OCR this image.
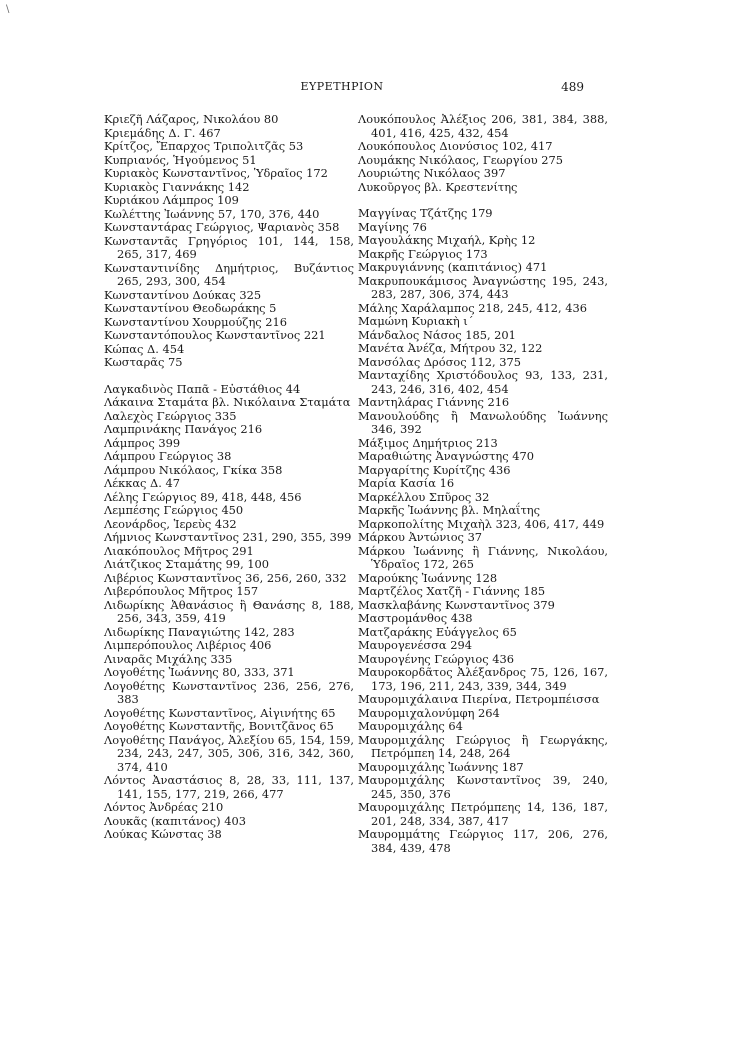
\
ΕΥΡΕΤΗΡΙΟΝ	489
Κριεζῆ Λάζαρος, Νικολάου 80
Κριεμάδης Δ. Γ. 467
Κρίτζος, Ἔπαρχος Τριπολιτζᾶς 53
Κυπριανός, Ἡγούμενος 51
Κυριακὸς Κωνσταντῖνος, Ὑδραῖος 172
Κυριακὸς Γιαννάκης 142
Κυριάκου Λάμπρος 109
Κωλέττης Ἰωάννης 57, 170, 376, 440
Κωνσταντάρας Γεώργιος, Ψαριανὸς 358
Κωνσταντᾶς Γρηγόριος 101, 144, 158, 265, 317, 469
Κωνσταντινίδης Δημήτριος, Βυζάντιος 265, 293, 300, 454
Κωνσταντίνου Δούκας 325
Κωνσταντίνου Θεοδωράκης 5
Κωνσταντίνου Χουρμούζης 216
Κωνσταντόπουλος Κωνσταντῖνος 221
Κώπας Δ. 454
Κωσταρᾶς 75
Λαγκαδινὸς Παπᾶ - Εὐστάθιος 44
Λάκαινα Σταμάτα βλ. Νικόλαινα Σταμάτα
Λαλεχὸς Γεώργιος 335
Λαμπρινάκης Πανάγος 216
Λάμπρος 399
Λάμπρου Γεώργιος 38
Λάμπρου Νικόλαος, Γκίκα 358
Λέκκας Δ. 47
Λέλης Γεώργιος 89, 418, 448, 456
Λεμπέσης Γεώργιος 450
Λεονάρδος, Ἱερεὺς 432
Λήμνιος Κωνσταντῖνος 231, 290, 355, 399
Λιακόπουλος Μῆτρος 291
Λιάτζικος Σταμάτης 99, 100
Λιβέριος Κωνσταντῖνος 36, 256, 260, 332
Λιβερόπουλος Μῆτρος 157
Λιδωρίκης Ἀθανάσιος ἢ Θανάσης 8, 188, 256, 343, 359, 419
Λιδωρίκης Παναγιώτης 142, 283
Λιμπερόπουλος Λιβέριος 406
Λιναρᾶς Μιχάλης 335
Λογοθέτης Ἰωάννης 80, 333, 371
Λογοθέτης Κωνσταντῖνος 236, 256, 276, 383
Λογοθέτης Κωνσταντῖνος, Αἰγινήτης 65
Λογοθέτης Κωνσταντῆς, Βονιτζᾶνος 65
Λογοθέτης Πανάγος, Ἀλεξίου 65, 154, 159, 234, 243, 247, 305, 306, 316, 342, 360, 374, 410
Λόντος Ἀναστάσιος 8, 28, 33, 111, 137, 141, 155, 177, 219, 266, 477
Λόντος Ἀνδρέας 210
Λουκᾶς (καπιτάνος) 403
Λούκας Κώνστας 38
Λουκόπουλος Ἀλέξιος 206, 381, 384, 388, 401, 416, 425, 432, 454
Λουκόπουλος Διονύσιος 102, 417
Λουμάκης Νικόλαος, Γεωργίου 275
Λουριώτης Νικόλαος 397
Λυκοῦργος βλ. Κρεστενίτης
Μαγγίνας Τζάτζης 179
Μαγίνης 76
Μαγουλάκης Μιχαήλ, Κρὴς 12
Μακρῆς Γεώργιος 173
Μακρυγιάννης (καπιτάνιος) 471
Μακρυπουκάμισος Ἀναγνώστης 195, 243, 283, 287, 306, 374, 443
Μάλης Χαράλαμπος 218, 245, 412, 436
Μαμώνη Κυριακὴ ι´
Μάνδαλος Νάσος 185, 201
Μανέτα Ἀνέζα, Μήτρου 32, 122
Μανσόλας Δρόσος 112, 375
Μανταχίδης Χριστόδουλος 93, 133, 231, 243, 246, 316, 402, 454
Μαντηλάρας Γιάννης 216
Μανουλούδης ἢ Μανωλούδης Ἰωάννης 346, 392
Μάξιμος Δημήτριος 213
Μαραθιώτης Ἀναγνώστης 470
Μαργαρίτης Κυρίτζης 436
Μαρία Κασία 16
Μαρκέλλου Σπῦρος 32
Μαρκῆς Ἰωάννης βλ. Μηλαΐτης
Μαρκοπολίτης Μιχαὴλ 323, 406, 417, 449
Μάρκου Ἀντώνιος 37
Μάρκου Ἰωάννης ἢ Γιάννης, Νικολάου, Ὑδραῖος 172, 265
Μαρούκης Ἰωάννης 128
Μαρτζέλος Χατζῆ - Γιάννης 185
Μασκλαβάνης Κωνσταντῖνος 379
Μαστρομάνθος 438
Ματζαράκης Εὐάγγελος 65
Μαυρογενέσσα 294
Μαυρογένης Γεώργιος 436
Μαυροκορδᾶτος Ἀλέξανδρος 75, 126, 167, 173, 196, 211, 243, 339, 344, 349
Μαυρομιχάλαινα Πιερίνα, Πετρομπέισσα
Μαυρομιχαλονύμφη 264
Μαυρομιχάλης 64
Μαυρομιχάλης Γεώργιος ἢ Γεωργάκης, Πετρόμπεη 14, 248, 264
Μαυρομιχάλης Ἰωάννης 187
Μαυρομιχάλης Κωνσταντῖνος 39, 240, 245, 350, 376
Μαυρομιχάλης Πετρόμπεης 14, 136, 187, 201, 248, 334, 387, 417
Μαυρομμάτης Γεώργιος 117, 206, 276, 384, 439, 478
